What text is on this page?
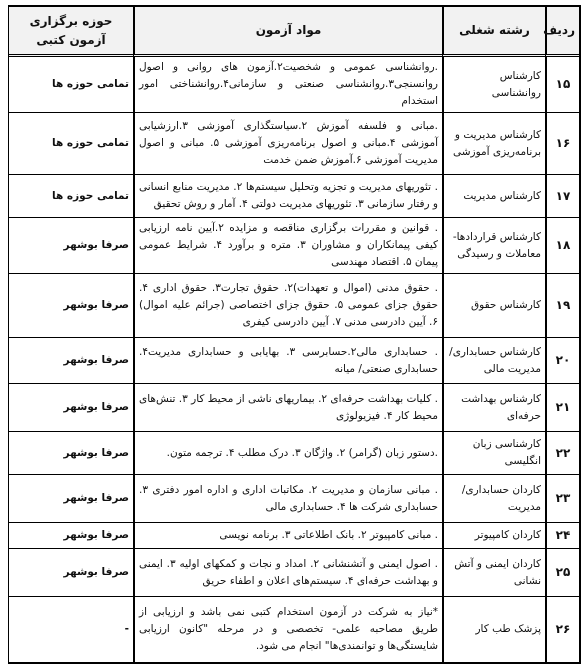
ردیف	رشته شغلی	مواد آزمون	حوزه برگزاری آزمون کتبی
۱۵	کارشناس روانشناسی	.روانشناسی عمومی و شخصیت۲.آزمون های روانی و اصول روانسنجی۳.روانشناسی صنعتی و سازمانی۴.روانشناختی امور استخدام	تمامی حوزه ها
۱۶	کارشناس مدیریت و برنامه‌ریزی آموزشی	.مبانی و فلسفه آموزش ۲.سیاستگذاری آموزشی ۳.ارزشیابی آموزشی ۴.مبانی و اصول برنامه‌ریزی آموزشی ۵. مبانی و اصول مدیریت آموزشی ۶.آموزش ضمن خدمت	تمامی حوزه ها
۱۷	کارشناس مدیریت	. تئوریهای مدیریت و تجزیه وتحلیل سیستم‌ها ۲. مدیریت منابع انسانی و رفتار سازمانی ۳. تئوریهای مدیریت دولتی ۴. آمار و روش تحقیق	تمامی حوزه ها
۱۸	کارشناس قراردادها- معاملات و رسیدگی	. قوانین و مقررات برگزاری مناقصه و مزایده ۲.آیین نامه ارزیابی کیفی پیمانکاران و مشاوران ۳. متره و برآورد ۴. شرایط عمومی پیمان ۵. اقتصاد مهندسی	صرفا بوشهر
۱۹	کارشناس حقوق	. حقوق مدنی (اموال و تعهدات)۲. حقوق تجارت۳. حقوق اداری ۴. حقوق جزای عمومی ۵. حقوق جزای اختصاصی (جرائم علیه اموال) ۶. آیین دادرسی مدنی ۷. آیین دادرسی کیفری	صرفا بوشهر
۲۰	کارشناس حسابداری/مدیریت مالی	. حسابداری مالی۲.حسابرسی ۳. بهایابی و حسابداری مدیریت۴. حسابداری صنعتی/ میانه	صرفا بوشهر
۲۱	کارشناس بهداشت حرفه‌ای	. کلیات بهداشت حرفه‌ای ۲. بیماریهای ناشی از محیط کار ۳. تنش‌های محیط کار ۴. فیزیولوژی	صرفا بوشهر
۲۲	کارشناسی زبان انگلیسی	.دستور زبان (گرامر) ۲. واژگان ۳. درک مطلب ۴. ترجمه متون.	صرفا بوشهر
۲۳	کاردان حسابداری/مدیریت	. مبانی سازمان و مدیریت ۲. مکاتبات اداری و اداره امور دفتری ۳. حسابداری شرکت ها ۴. حسابداری مالی	صرفا بوشهر
۲۴	کاردان کامپیوتر	. مبانی کامپیوتر ۲. بانک اطلاعاتی ۳. برنامه نویسی	صرفا بوشهر
۲۵	کاردان ایمنی و آتش نشانی	. اصول ایمنی و آتشنشانی ۲. امداد و نجات و کمکهای اولیه ۳. ایمنی و بهداشت حرفه‌ای ۴. سیستم‌های اعلان و اطفاء حریق	صرفا بوشهر
۲۶	پزشک طب کار	*نیاز به شرکت در آزمون استخدام کتبی نمی باشد و ارزیابی از طریق مصاحبه علمی- تخصصی و در مرحله "کانون ارزیابی شایستگی‌ها و توانمندی‌ها" انجام می شود.	-
